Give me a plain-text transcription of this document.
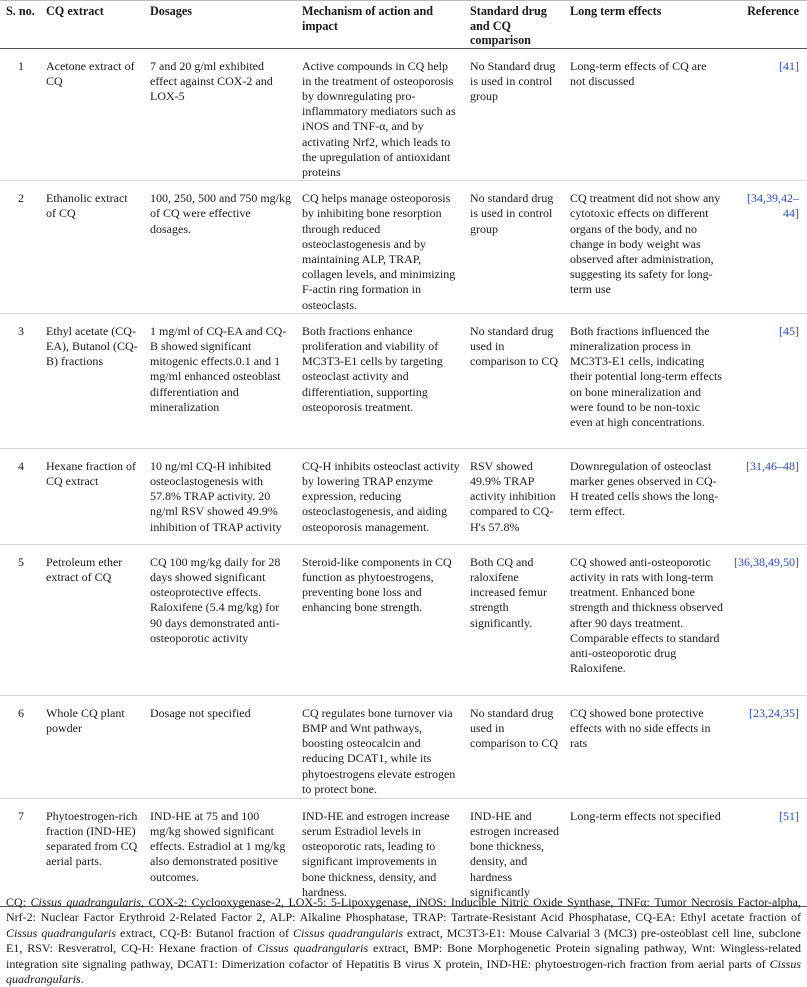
S. no.	CQ extract	Dosages	Mechanism of action and impact	Standard drug and CQ comparison	Long term effects	Reference
1	Acetone extract of CQ	7 and 20 g/ml exhibited effect against COX-2 and LOX-5	Active compounds in CQ help in the treatment of osteoporosis by downregulating pro-inflammatory mediators such as iNOS and TNF-α, and by activating Nrf2, which leads to the upregulation of antioxidant proteins	No Standard drug is used in control group	Long-term effects of CQ are not discussed	[41]
2	Ethanolic extract of CQ	100, 250, 500 and 750 mg/kg of CQ were effective dosages.	CQ helps manage osteoporosis by inhibiting bone resorption through reduced osteoclastogenesis and by maintaining ALP, TRAP, collagen levels, and minimizing F-actin ring formation in osteoclasts.	No standard drug is used in control group	CQ treatment did not show any cytotoxic effects on different organs of the body, and no change in body weight was observed after administration, suggesting its safety for long-term use	[34,39,42–44]
3	Ethyl acetate (CQ-EA), Butanol (CQ-B) fractions	1 mg/ml of CQ-EA and CQ-B showed significant mitogenic effects.0.1 and 1 mg/ml enhanced osteoblast differentiation and mineralization	Both fractions enhance proliferation and viability of MC3T3-E1 cells by targeting osteoclast activity and differentiation, supporting osteoporosis treatment.	No standard drug used in comparison to CQ	Both fractions influenced the mineralization process in MC3T3-E1 cells, indicating their potential long-term effects on bone mineralization and were found to be non-toxic even at high concentrations.	[45]
4	Hexane fraction of CQ extract	10 ng/ml CQ-H inhibited osteoclastogenesis with 57.8% TRAP activity. 20 ng/ml RSV showed 49.9% inhibition of TRAP activity	CQ-H inhibits osteoclast activity by lowering TRAP enzyme expression, reducing osteoclastogenesis, and aiding osteoporosis management.	RSV showed 49.9% TRAP activity inhibition compared to CQ-H's 57.8%	Downregulation of osteoclast marker genes observed in CQ-H treated cells shows the long-term effect.	[31,46–48]
5	Petroleum ether extract of CQ	CQ 100 mg/kg daily for 28 days showed significant osteoprotective effects. Raloxifene (5.4 mg/kg) for 90 days demonstrated anti-osteoporotic activity	Steroid-like components in CQ function as phytoestrogens, preventing bone loss and enhancing bone strength.	Both CQ and raloxifene increased femur strength significantly.	CQ showed anti-osteoporotic activity in rats with long-term treatment. Enhanced bone strength and thickness observed after 90 days treatment. Comparable effects to standard anti-osteoporotic drug Raloxifene.	[36,38,49,50]
6	Whole CQ plant powder	Dosage not specified	CQ regulates bone turnover via BMP and Wnt pathways, boosting osteocalcin and reducing DCAT1, while its phytoestrogens elevate estrogen to protect bone.	No standard drug used in comparison to CQ	CQ showed bone protective effects with no side effects in rats	[23,24,35]
7	Phytoestrogen-rich fraction (IND-HE) separated from CQ aerial parts.	IND-HE at 75 and 100 mg/kg showed significant effects. Estradiol at 1 mg/kg also demonstrated positive outcomes.	IND-HE and estrogen increase serum Estradiol levels in osteoporotic rats, leading to significant improvements in bone thickness, density, and hardness.	IND-HE and estrogen increased bone thickness, density, and hardness significantly	Long-term effects not specified	[51]
CQ: Cissus quadrangularis, COX-2: Cyclooxygenase-2, LOX-5: 5-Lipoxygenase, iNOS: Inducible Nitric Oxide Synthase, TNFα: Tumor Necrosis Factor-alpha, Nrf-2: Nuclear Factor Erythroid 2-Related Factor 2, ALP: Alkaline Phosphatase, TRAP: Tartrate-Resistant Acid Phosphatase, CQ-EA: Ethyl acetate fraction of Cissus quadrangularis extract, CQ-B: Butanol fraction of Cissus quadrangularis extract, MC3T3-E1: Mouse Calvarial 3 (MC3) pre-osteoblast cell line, subclone E1, RSV: Resveratrol, CQ-H: Hexane fraction of Cissus quadrangularis extract, BMP: Bone Morphogenetic Protein signaling pathway, Wnt: Wingless-related integration site signaling pathway, DCAT1: Dimerization cofactor of Hepatitis B virus X protein, IND-HE: phytoestrogen-rich fraction from aerial parts of Cissus quadrangularis.
